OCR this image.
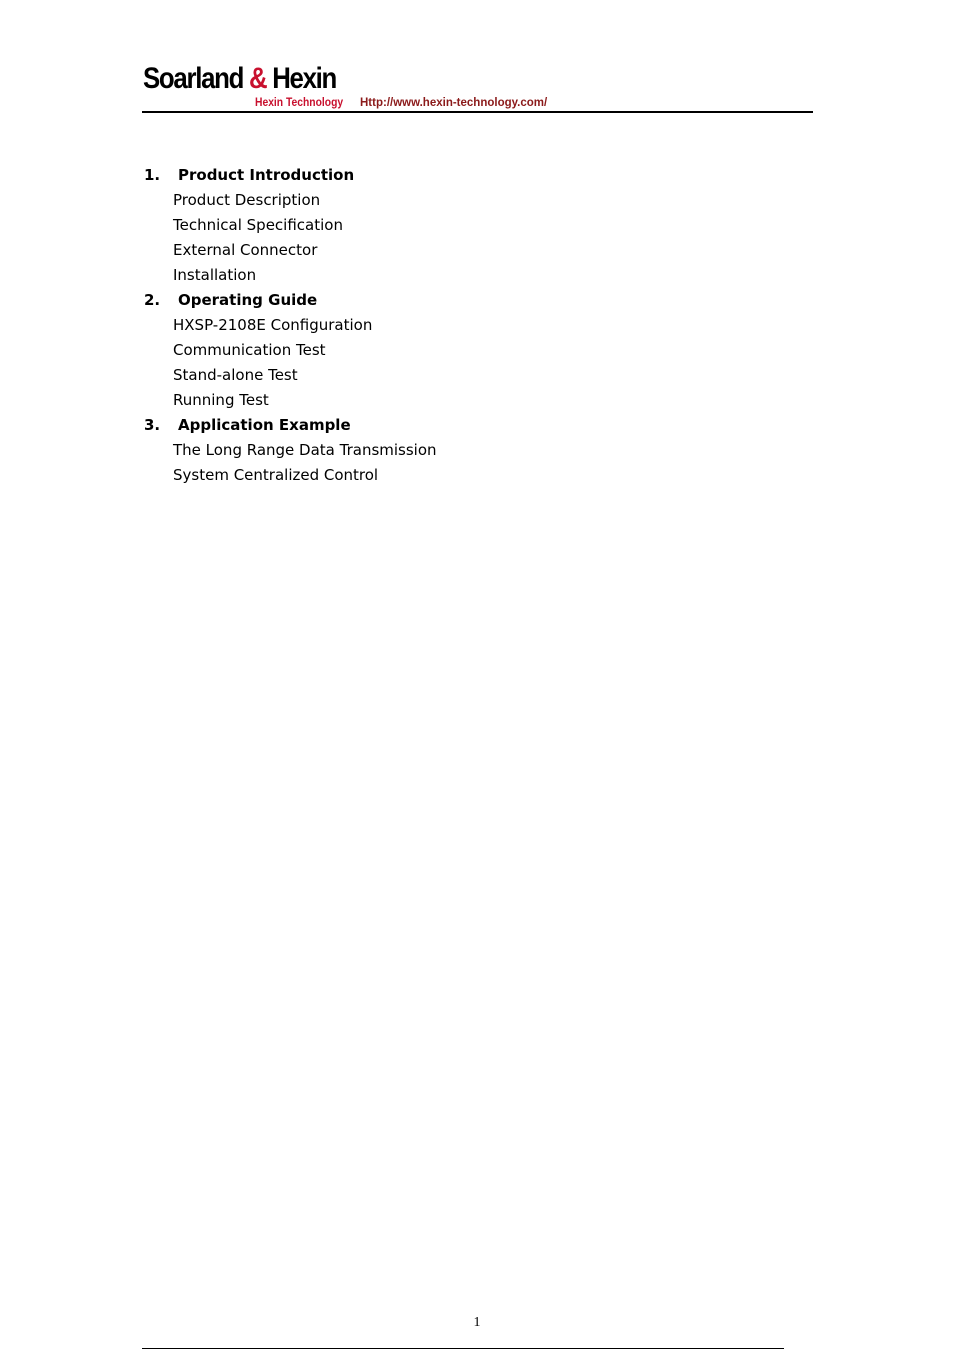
Soarland & Hexin
Hexin Technology Http://www.hexin-technology.com/
1. Product Introduction
Product Description
Technical Specification
External Connector
Installation
2. Operating Guide
HXSP-2108E Configuration
Communication Test
Stand-alone Test
Running Test
3. Application Example
The Long Range Data Transmission
System Centralized Control
1
